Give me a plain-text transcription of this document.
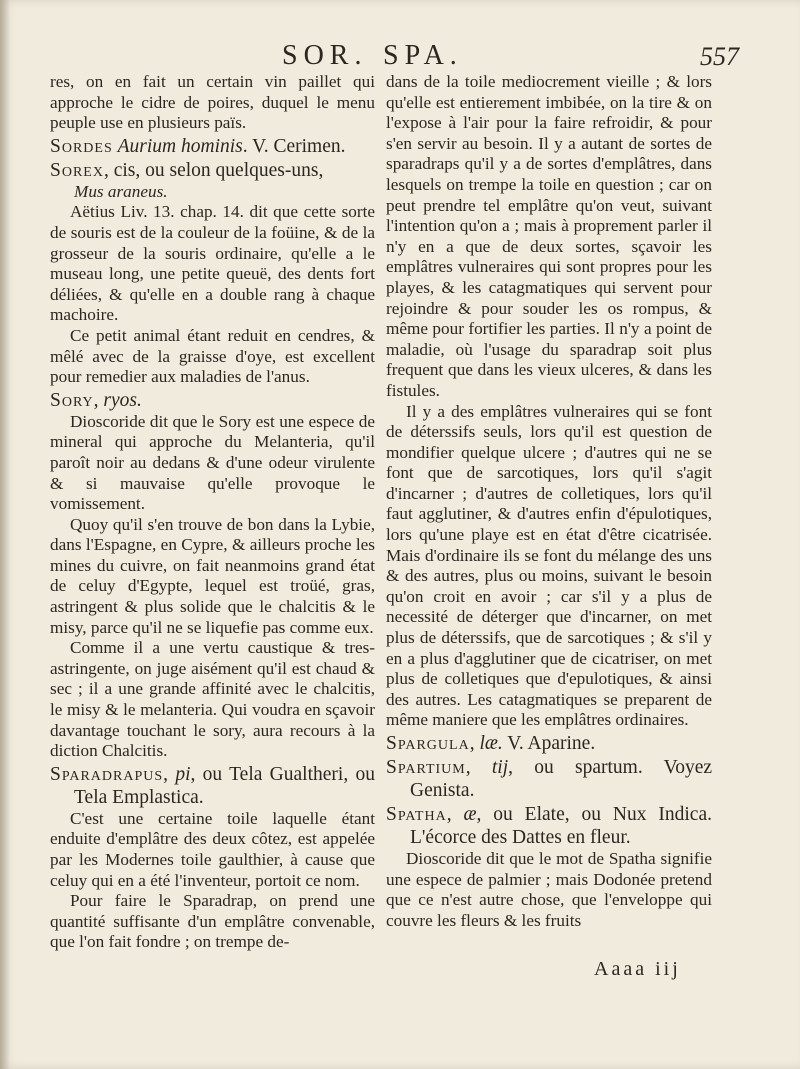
SOR. SPA.	557

res, on en fait un certain vin paillet qui approche le cidre de poires, duquel le menu peuple use en plusieurs païs.

Sordes Aurium hominis. V. Cerimen.

Sorex, cis, ou selon quelques-uns,

Mus araneus.

Aëtius Liv. 13. chap. 14. dit que cette sorte de souris est de la couleur de la foüine, & de la grosseur de la souris ordinaire, qu'elle a le museau long, une petite queuë, des dents fort déliées, & qu'elle en a double rang à chaque machoire.

Ce petit animal étant reduit en cendres, & mêlé avec de la graisse d'oye, est excellent pour remedier aux maladies de l'anus.

Sory, ryos.

Dioscoride dit que le Sory est une espece de mineral qui approche du Melanteria, qu'il paroît noir au dedans & d'une odeur virulente & si mauvaise qu'elle provoque le vomissement.

Quoy qu'il s'en trouve de bon dans la Lybie, dans l'Espagne, en Cypre, & ailleurs proche les mines du cuivre, on fait neanmoins grand état de celuy d'Egypte, lequel est troüé, gras, astringent & plus solide que le chalcitis & le misy, parce qu'il ne se liquefie pas comme eux.

Comme il a une vertu caustique & tres-astringente, on juge aisément qu'il est chaud & sec ; il a une grande affinité avec le chalcitis, le misy & le melanteria. Qui voudra en sçavoir davantage touchant le sory, aura recours à la diction Chalcitis.

Sparadrapus, pi, ou Tela Gualtheri, ou Tela Emplastica.

C'est une certaine toile laquelle étant enduite d'emplâtre des deux côtez, est appelée par les Modernes toile gaulthier, à cause que celuy qui en a été l'inventeur, portoit ce nom.

Pour faire le Sparadrap, on prend une quantité suffisante d'un emplâtre convenable, que l'on fait fondre ; on trempe de-

dans de la toile mediocrement vieille ; & lors qu'elle est entierement imbibée, on la tire & on l'expose à l'air pour la faire refroidir, & pour s'en servir au besoin. Il y a autant de sortes de sparadraps qu'il y a de sortes d'emplâtres, dans lesquels on trempe la toile en question ; car on peut prendre tel emplâtre qu'on veut, suivant l'intention qu'on a ; mais à proprement parler il n'y en a que de deux sortes, sçavoir les emplâtres vulneraires qui sont propres pour les playes, & les catagmatiques qui servent pour rejoindre & pour souder les os rompus, & même pour fortifier les parties. Il n'y a point de maladie, où l'usage du sparadrap soit plus frequent que dans les vieux ulceres, & dans les fistules.

Il y a des emplâtres vulneraires qui se font de déterssifs seuls, lors qu'il est question de mondifier quelque ulcere ; d'autres qui ne se font que de sarcotiques, lors qu'il s'agit d'incarner ; d'autres de colletiques, lors qu'il faut agglutiner, & d'autres enfin d'épulotiques, lors qu'une playe est en état d'être cicatrisée. Mais d'ordinaire ils se font du mélange des uns & des autres, plus ou moins, suivant le besoin qu'on croit en avoir ; car s'il y a plus de necessité de déterger que d'incarner, on met plus de déterssifs, que de sarcotiques ; & s'il y en a plus d'agglutiner que de cicatriser, on met plus de colletiques que d'epulotiques, & ainsi des autres. Les catagmatiques se preparent de même maniere que les emplâtres ordinaires.

Spargula, læ. V. Aparine.

Spartium, tij, ou spartum. Voyez Genista.

Spatha, æ, ou Elate, ou Nux Indica. L'écorce des Dattes en fleur.

Dioscoride dit que le mot de Spatha signifie une espece de palmier ; mais Dodonée pretend que ce n'est autre chose, que l'enveloppe qui couvre les fleurs & les fruits

Aaaa iij
